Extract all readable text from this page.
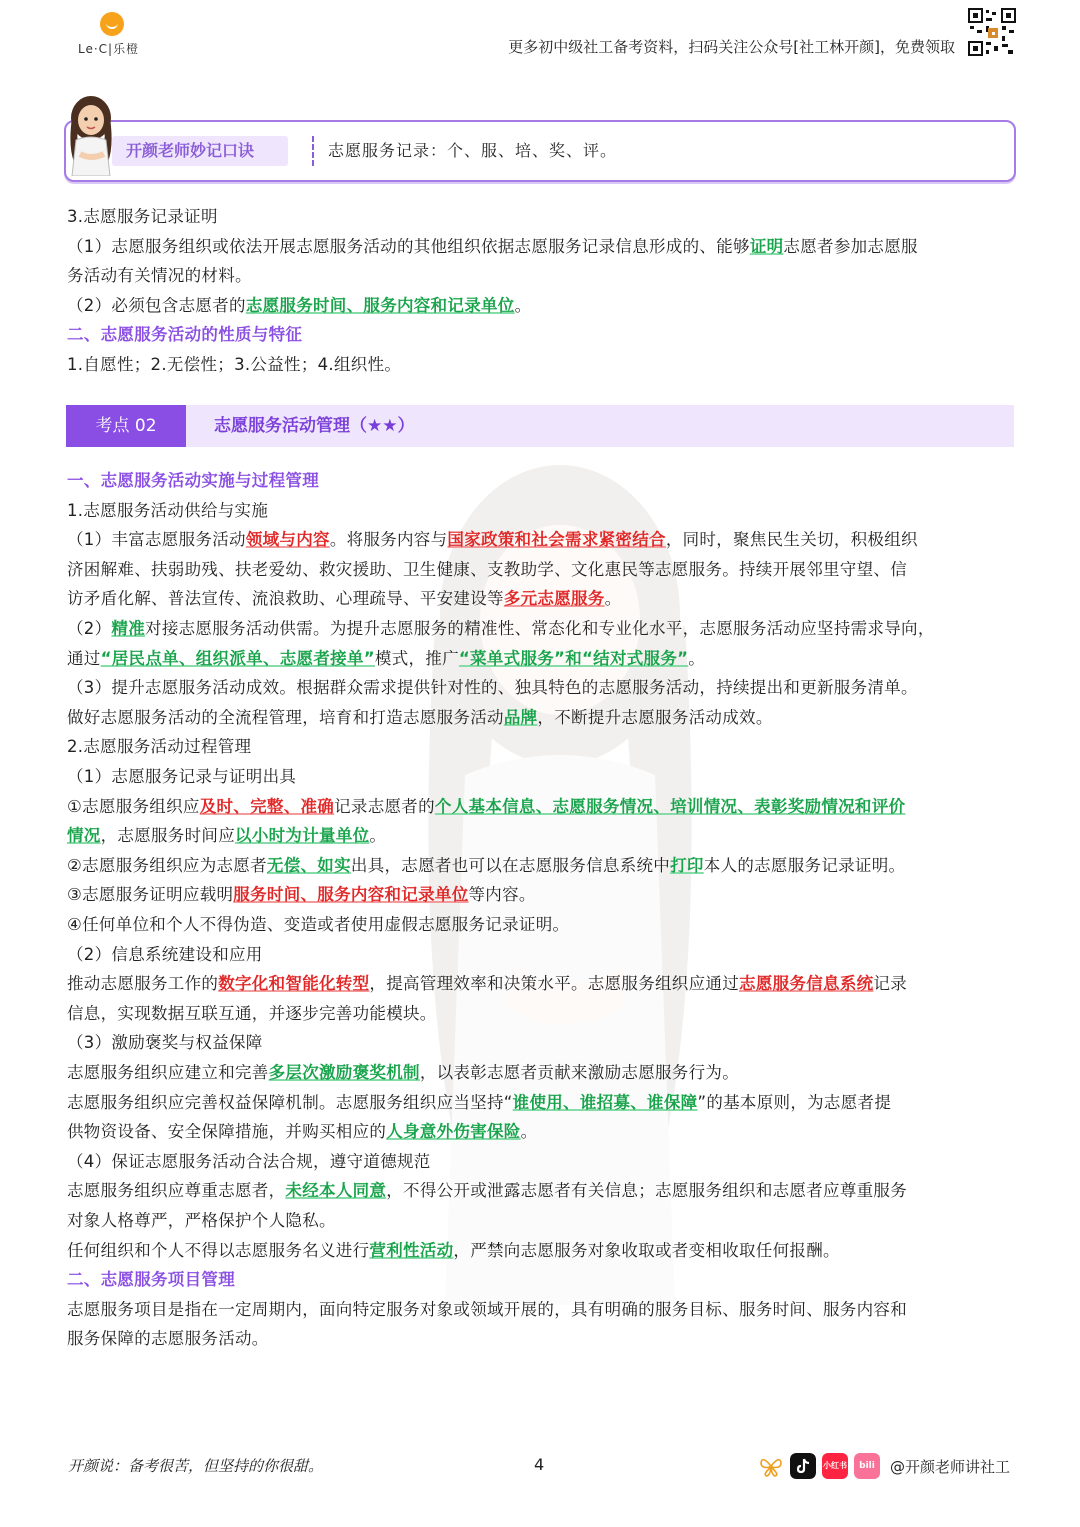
Le·C|乐橙	更多初中级社工备考资料，扫码关注公众号[社工林开颜]，免费领取
开颜老师妙记口诀	志愿服务记录：个、服、培、奖、评。
3.志愿服务记录证明
（1）志愿服务组织或依法开展志愿服务活动的其他组织依据志愿服务记录信息形成的、能够证明志愿者参加志愿服
务活动有关情况的材料。
（2）必须包含志愿者的志愿服务时间、服务内容和记录单位。
二、志愿服务活动的性质与特征
1.自愿性；2.无偿性；3.公益性；4.组织性。
考点 02	志愿服务活动管理（★★）
一、志愿服务活动实施与过程管理
1.志愿服务活动供给与实施
（1）丰富志愿服务活动领域与内容。将服务内容与国家政策和社会需求紧密结合，同时，聚焦民生关切，积极组织
济困解难、扶弱助残、扶老爱幼、救灾援助、卫生健康、支教助学、文化惠民等志愿服务。持续开展邻里守望、信
访矛盾化解、普法宣传、流浪救助、心理疏导、平安建设等多元志愿服务。
（2）精准对接志愿服务活动供需。为提升志愿服务的精准性、常态化和专业化水平，志愿服务活动应坚持需求导向，
通过“居民点单、组织派单、志愿者接单”模式，推广“菜单式服务”和“结对式服务”。
（3）提升志愿服务活动成效。根据群众需求提供针对性的、独具特色的志愿服务活动，持续提出和更新服务清单。
做好志愿服务活动的全流程管理，培育和打造志愿服务活动品牌，不断提升志愿服务活动成效。
2.志愿服务活动过程管理
（1）志愿服务记录与证明出具
①志愿服务组织应及时、完整、准确记录志愿者的个人基本信息、志愿服务情况、培训情况、表彰奖励情况和评价
情况，志愿服务时间应以小时为计量单位。
②志愿服务组织应为志愿者无偿、如实出具，志愿者也可以在志愿服务信息系统中打印本人的志愿服务记录证明。
③志愿服务证明应载明服务时间、服务内容和记录单位等内容。
④任何单位和个人不得伪造、变造或者使用虚假志愿服务记录证明。
（2）信息系统建设和应用
推动志愿服务工作的数字化和智能化转型，提高管理效率和决策水平。志愿服务组织应通过志愿服务信息系统记录
信息，实现数据互联互通，并逐步完善功能模块。
（3）激励褒奖与权益保障
志愿服务组织应建立和完善多层次激励褒奖机制，以表彰志愿者贡献来激励志愿服务行为。
志愿服务组织应完善权益保障机制。志愿服务组织应当坚持“谁使用、谁招募、谁保障”的基本原则，为志愿者提
供物资设备、安全保障措施，并购买相应的人身意外伤害保险。
（4）保证志愿服务活动合法合规，遵守道德规范
志愿服务组织应尊重志愿者，未经本人同意，不得公开或泄露志愿者有关信息；志愿服务组织和志愿者应尊重服务
对象人格尊严，严格保护个人隐私。
任何组织和个人不得以志愿服务名义进行营利性活动，严禁向志愿服务对象收取或者变相收取任何报酬。
二、志愿服务项目管理
志愿服务项目是指在一定周期内，面向特定服务对象或领域开展的，具有明确的服务目标、服务时间、服务内容和
服务保障的志愿服务活动。
开颜说：备考很苦，但坚持的你很甜。	4	小红书	bili	@开颜老师讲社工
